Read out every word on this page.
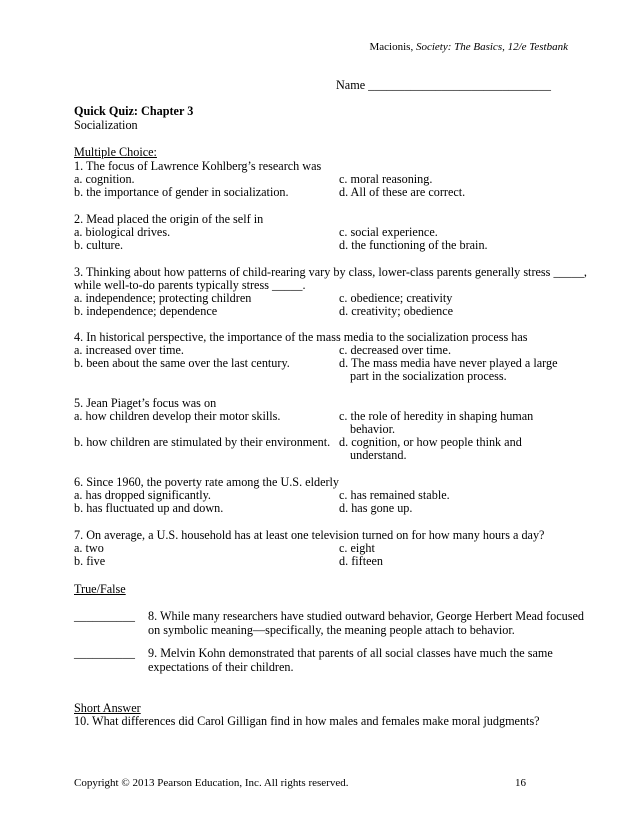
Macionis, Society: The Basics, 12/e Testbank
Name ______________________________
Quick Quiz: Chapter 3
Socialization
Multiple Choice:
1. The focus of Lawrence Kohlberg’s research was
a. cognition.	c. moral reasoning.
b. the importance of gender in socialization.	d. All of these are correct.
2. Mead placed the origin of the self in
a. biological drives.	c. social experience.
b. culture.	d. the functioning of the brain.
3. Thinking about how patterns of child-rearing vary by class, lower-class parents generally stress _____,
while well-to-do parents typically stress _____.
a. independence; protecting children	c. obedience; creativity
b. independence; dependence	d. creativity; obedience
4. In historical perspective, the importance of the mass media to the socialization process has
a. increased over time.	c. decreased over time.
b. been about the same over the last century.	d. The mass media have never played a large
part in the socialization process.
5. Jean Piaget’s focus was on
a. how children develop their motor skills.	c. the role of heredity in shaping human
behavior.
b. how children are stimulated by their environment. d. cognition, or how people think and
understand.
6. Since 1960, the poverty rate among the U.S. elderly
a. has dropped significantly.	c. has remained stable.
b. has fluctuated up and down.	d. has gone up.
7. On average, a U.S. household has at least one television turned on for how many hours a day?
a. two	c. eight
b. five	d. fifteen
True/False
__________ 8. While many researchers have studied outward behavior, George Herbert Mead focused
on symbolic meaning—specifically, the meaning people attach to behavior.
__________ 9. Melvin Kohn demonstrated that parents of all social classes have much the same
expectations of their children.
Short Answer
10. What differences did Carol Gilligan find in how males and females make moral judgments?
Copyright © 2013 Pearson Education, Inc. All rights reserved.	16
